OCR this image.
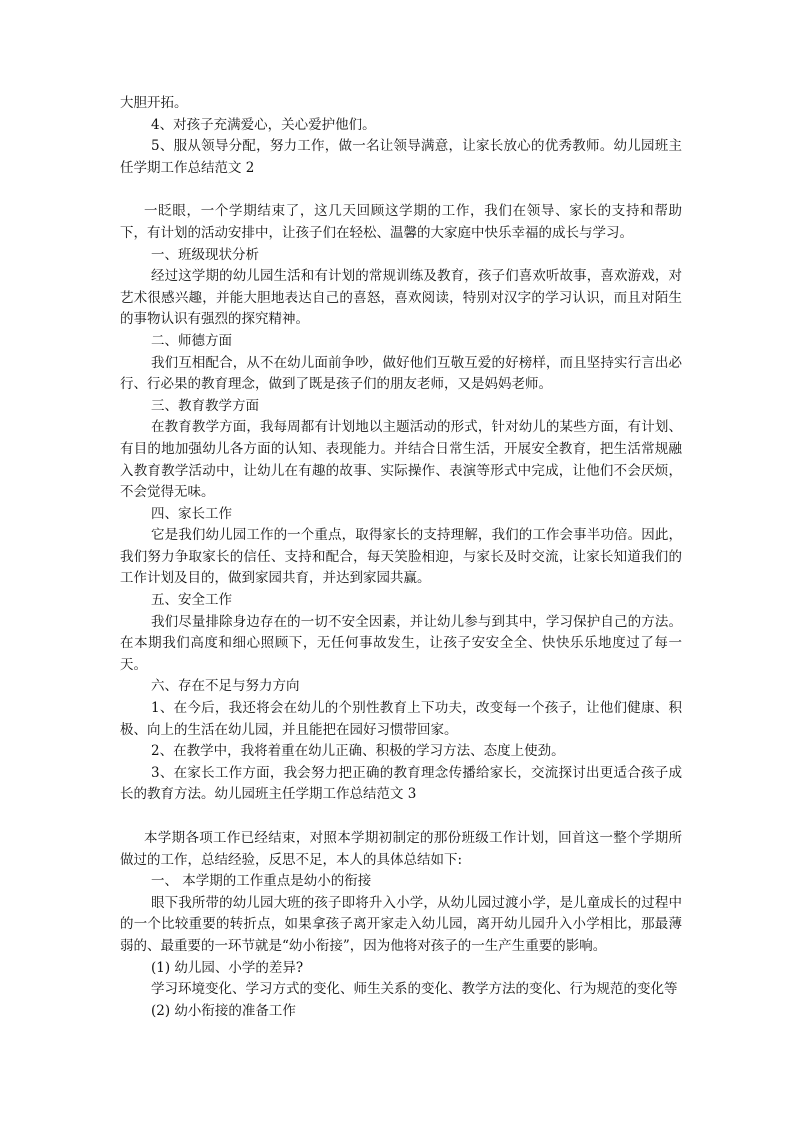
大胆开拓。

4、对孩子充满爱心，关心爱护他们。

5、服从领导分配，努力工作，做一名让领导满意，让家长放心的优秀教师。幼儿园班主任学期工作总结范文 2

一眨眼，一个学期结束了，这几天回顾这学期的工作，我们在领导、家长的支持和帮助下，有计划的活动安排中，让孩子们在轻松、温馨的大家庭中快乐幸福的成长与学习。

一、班级现状分析

经过这学期的幼儿园生活和有计划的常规训练及教育，孩子们喜欢听故事，喜欢游戏，对艺术很感兴趣，并能大胆地表达自己的喜怒，喜欢阅读，特别对汉字的学习认识，而且对陌生的事物认识有强烈的探究精神。

二、师德方面

我们互相配合，从不在幼儿面前争吵，做好他们互敬互爱的好榜样，而且坚持实行言出必行、行必果的教育理念，做到了既是孩子们的朋友老师，又是妈妈老师。

三、教育教学方面

在教育教学方面，我每周都有计划地以主题活动的形式，针对幼儿的某些方面，有计划、有目的地加强幼儿各方面的认知、表现能力。并结合日常生活，开展安全教育，把生活常规融入教育教学活动中，让幼儿在有趣的故事、实际操作、表演等形式中完成，让他们不会厌烦，不会觉得无味。

四、家长工作

它是我们幼儿园工作的一个重点，取得家长的支持理解，我们的工作会事半功倍。因此，我们努力争取家长的信任、支持和配合，每天笑脸相迎，与家长及时交流，让家长知道我们的工作计划及目的，做到家园共育，并达到家园共赢。

五、安全工作

我们尽量排除身边存在的一切不安全因素，并让幼儿参与到其中，学习保护自己的方法。在本期我们高度和细心照顾下，无任何事故发生，让孩子安安全全、快快乐乐地度过了每一天。

六、存在不足与努力方向

1、在今后，我还将会在幼儿的个别性教育上下功夫，改变每一个孩子，让他们健康、积极、向上的生活在幼儿园，并且能把在园好习惯带回家。

2、在教学中，我将着重在幼儿正确、积极的学习方法、态度上使劲。

3、在家长工作方面，我会努力把正确的教育理念传播给家长，交流探讨出更适合孩子成长的教育方法。幼儿园班主任学期工作总结范文 3

本学期各项工作已经结束，对照本学期初制定的那份班级工作计划，回首这一整个学期所做过的工作，总结经验，反思不足，本人的具体总结如下:

一、 本学期的工作重点是幼小的衔接

眼下我所带的幼儿园大班的孩子即将升入小学，从幼儿园过渡小学，是儿童成长的过程中的一个比较重要的转折点，如果拿孩子离开家走入幼儿园，离开幼儿园升入小学相比，那最薄弱的、最重要的一环节就是“幼小衔接”，因为他将对孩子的一生产生重要的影响。

(1) 幼儿园、小学的差异?

学习环境变化、学习方式的变化、师生关系的变化、教学方法的变化、行为规范的变化等

(2) 幼小衔接的准备工作
